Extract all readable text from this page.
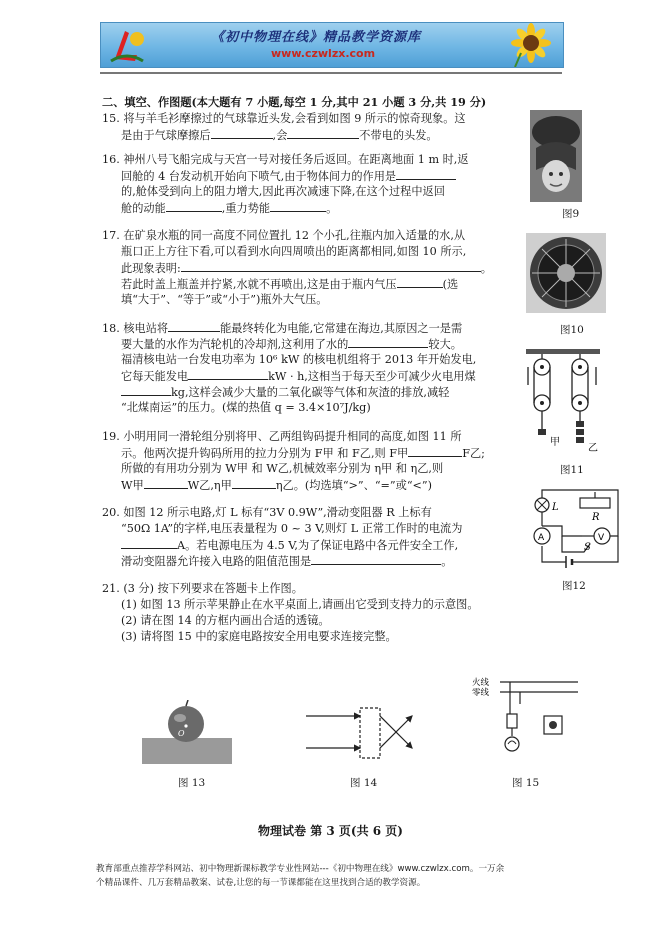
《初中物理在线》精品教学资源库
www.czwlzx.com
二、填空、作图题(本大题有 7 小题,每空 1 分,其中 21 小题 3 分,共 19 分)
15. 将与羊毛衫摩擦过的气球靠近头发,会看到如图 9 所示的惊奇现象。这
是由于气球摩擦后	,会	不带电的头发。
16. 神州八号飞船完成与天宫一号对接任务后返回。在距离地面 1 m 时,返
回舱的 4 台发动机开始向下喷气,由于物体间力的作用是
的,舱体受到向上的阻力增大,因此再次减速下降,在这个过程中返回
舱的动能	,重力势能	。
17. 在矿泉水瓶的同一高度不同位置扎 12 个小孔,往瓶内加入适量的水,从
瓶口正上方往下看,可以看到水向四周喷出的距离都相同,如图 10 所示,
此现象表明:	。
若此时盖上瓶盖并拧紧,水就不再喷出,这是由于瓶内气压	(选
填“大于”、“等于”或“小于”)瓶外大气压。
18. 核电站将	能最终转化为电能,它常建在海边,其原因之一是需
要大量的水作为汽轮机的冷却剂,这利用了水的	较大。
福清核电站一台发电功率为 10⁶ kW 的核电机组将于 2013 年开始发电,
它每天能发电	kW · h,这相当于每天至少可减少火电用煤
kg,这样会减少大量的二氧化碳等气体和灰渣的排放,减轻
“北煤南运”的压力。(煤的热值 q = 3.4×10⁷J/kg)
19. 小明用同一滑轮组分别将甲、乙两组钩码提升相同的高度,如图 11 所
示。他两次提升钩码所用的拉力分别为 F甲 和 F乙,则 F甲	F乙;
所做的有用功分别为 W甲 和 W乙,机械效率分别为 η甲 和 η乙,则
W甲	W乙,η甲	η乙。(均选填“>”、“=”或“<”)
20. 如图 12 所示电路,灯 L 标有“3V 0.9W”,滑动变阻器 R 上标有
“50Ω 1A”的字样,电压表量程为 0 ~ 3 V,则灯 L 正常工作时的电流为
A。若电源电压为 4.5 V,为了保证电路中各元件安全工作,
滑动变阻器允许接入电路的阻值范围是	。
21. (3 分) 按下列要求在答题卡上作图。
(1) 如图 13 所示苹果静止在水平桌面上,请画出它受到支持力的示意图。
(2) 请在图 14 的方框内画出合适的透镜。
(3) 请将图 15 中的家庭电路按安全用电要求连接完整。
图9
图10
甲
乙
图11
L
R
A	V
S
图12
O
图 13	图 14
火线
零线
图 15
物理试卷 第 3 页(共 6 页)
教育部重点推荐学科网站、初中物理新课标教学专业性网站---《初中物理在线》www.czwlzx.com。一万余
个精品课件、几万套精品教案、试卷,让您的每一节课都能在这里找到合适的教学资源。
